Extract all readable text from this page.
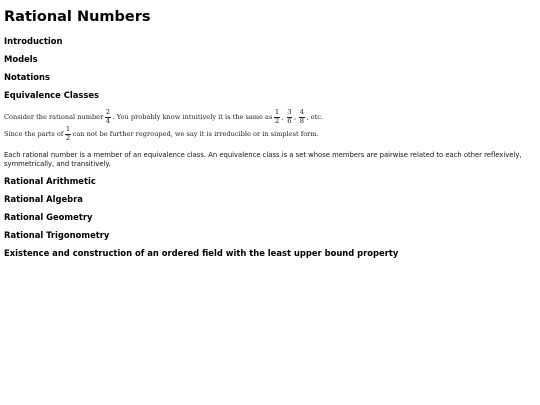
Rational Numbers
Introduction
Models
Notations
Equivalence Classes
Consider the rational number $\frac{2}{4}$ . You probably know intuitively it is the same as $\frac{1}{2}$ , $\frac{3}{6}$ , $\frac{4}{8}$ , etc.
Since the parts of $\frac{1}{2}$ can not be further regrouped, we say it is irreducible or in simplest form.

Each rational number is a member of an equivalence class. An equivalence class is a set whose members are pairwise related to each other reflexively, symmetrically, and transitively.

Rational Arithmetic
Rational Algebra
Rational Geometry
Rational Trigonometry
Existence and construction of an ordered field with the least upper bound property
